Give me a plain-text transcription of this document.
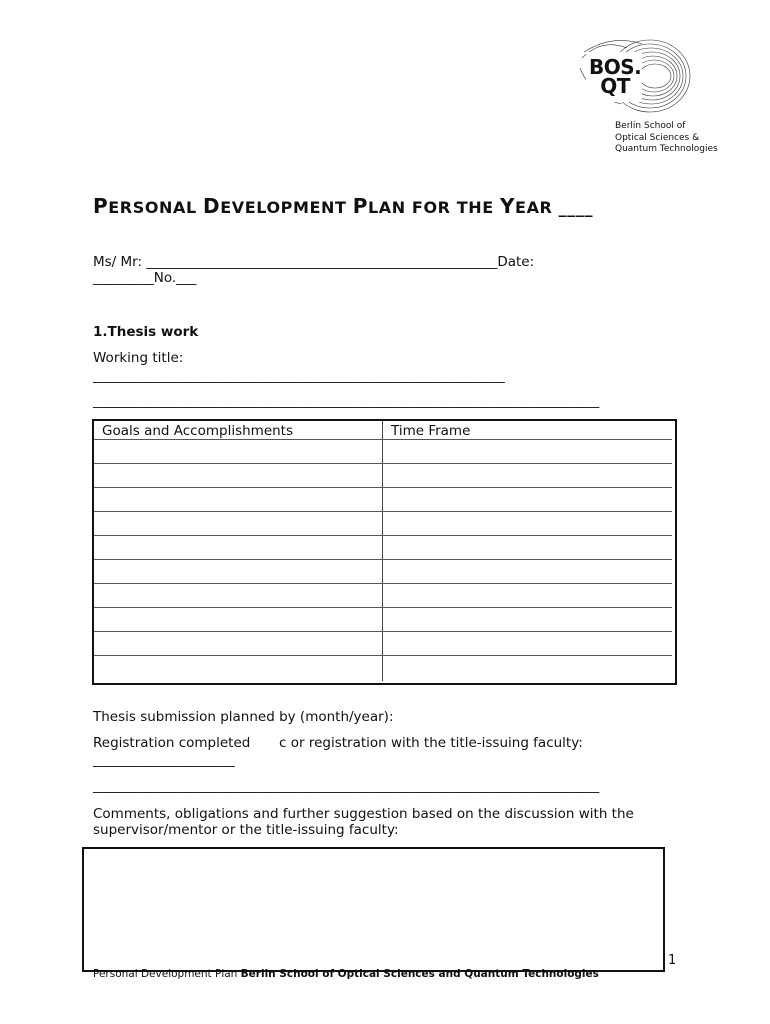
BOS.
QT
Berlin School of
Optical Sciences &
Quantum Technologies
PERSONAL DEVELOPMENT PLAN FOR THE YEAR ____
Ms/ Mr: ____________________________________________________Date:
_________No.___
1.Thesis work
Working title:
_____________________________________________________________
___________________________________________________________________________
Goals and Accomplishments	Time Frame
Thesis submission planned by (month/year):
Registration completed c or registration with the title-issuing faculty:
_____________________
___________________________________________________________________________
Comments, obligations and further suggestion based on the discussion with the
supervisor/mentor or the title-issuing faculty:
1
Personal Development Plan Berlin School of Optical Sciences and Quantum Technologies
